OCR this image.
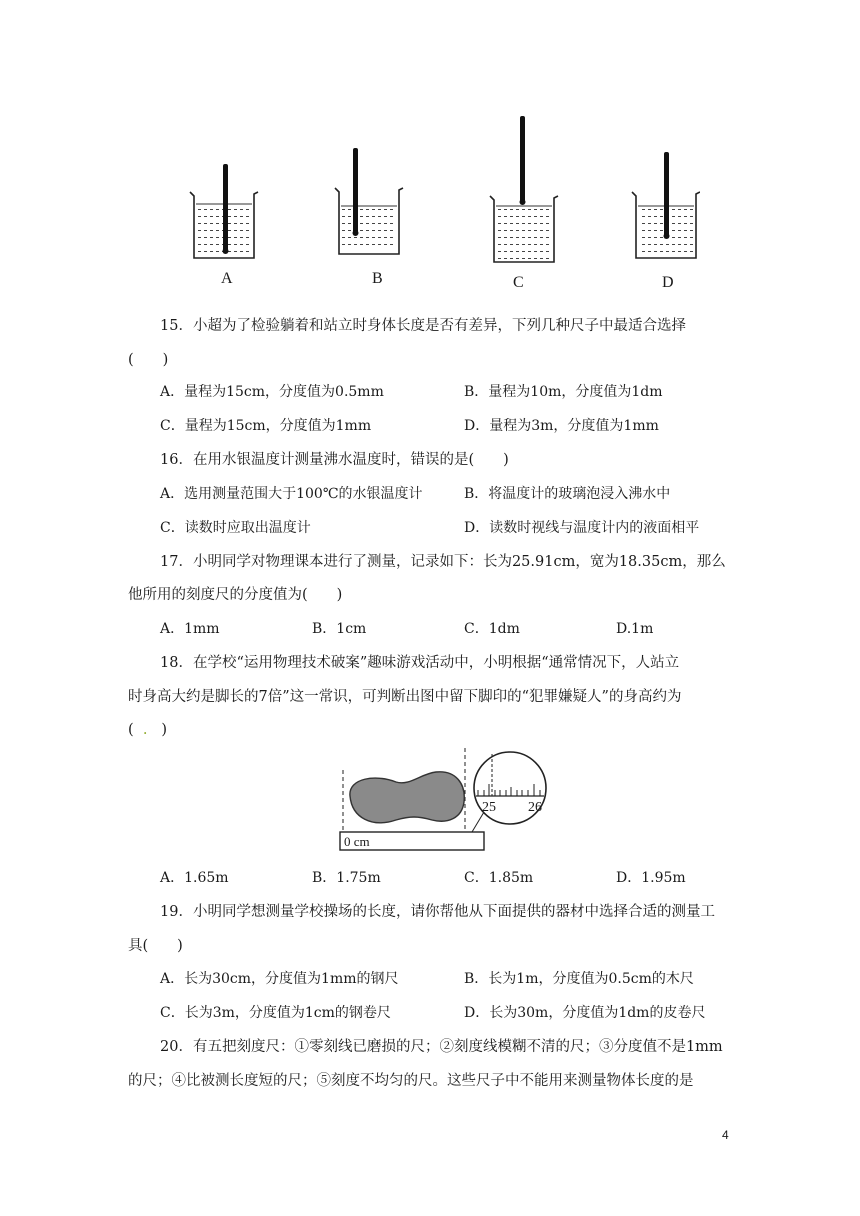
A	B	C	D
15．小超为了检验躺着和站立时身体长度是否有差异，下列几种尺子中最适合选择
(　　)
A．量程为15cm，分度值为0.5mm	B．量程为10m，分度值为1dm
C．量程为15cm，分度值为1mm	D．量程为3m，分度值为1mm
16．在用水银温度计测量沸水温度时，错误的是(　　)
A．选用测量范围大于100℃的水银温度计	B．将温度计的玻璃泡浸入沸水中
C．读数时应取出温度计	D．读数时视线与温度计内的液面相平
17．小明同学对物理课本进行了测量，记录如下：长为25.91cm，宽为18.35cm，那么
他所用的刻度尺的分度值为(　　)
A．1mm	B．1cm	C．1dm	D.1m
18．在学校“运用物理技术破案”趣味游戏活动中，小明根据“通常情况下，人站立
时身高大约是脚长的7倍”这一常识，可判断出图中留下脚印的“犯罪嫌疑人”的身高约为
( . )
0 cm
25 26
A．1.65m	B．1.75m	C．1.85m	D．1.95m
19．小明同学想测量学校操场的长度，请你帮他从下面提供的器材中选择合适的测量工
具(　　)
A．长为30cm，分度值为1mm的钢尺	B．长为1m，分度值为0.5cm的木尺
C．长为3m，分度值为1cm的钢卷尺	D．长为30m，分度值为1dm的皮卷尺
20．有五把刻度尺：①零刻线已磨损的尺；②刻度线模糊不清的尺；③分度值不是1mm
的尺；④比被测长度短的尺；⑤刻度不均匀的尺。这些尺子中不能用来测量物体长度的是
4
